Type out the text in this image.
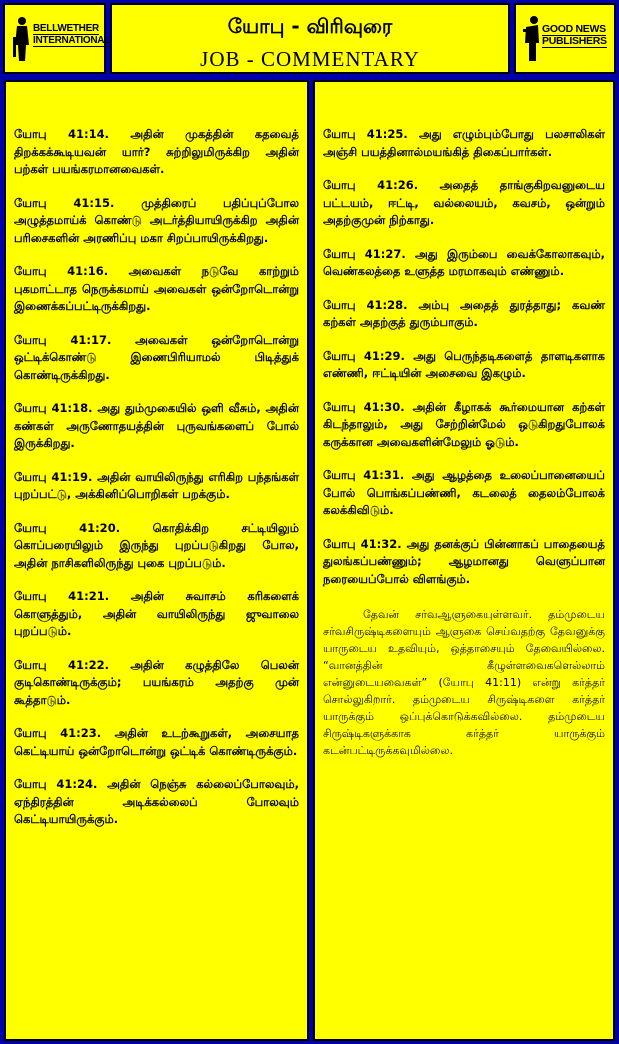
BELLWETHER
INTERNATIONAL
யோபு - விரிவுரை
JOB - COMMENTARY
GOOD NEWS
PUBLISHERS

யோபு 41:14. அதின் முகத்தின் கதவைத் திறக்கக்கூடியவன் யார்? சுற்றிலுமிருக்கிற அதின் பற்கள் பயங்கரமானவைகள்.

யோபு 41:15. முத்திரைப் பதிப்புப்போல அழுத்தமாய்க் கொண்டு அடர்த்தியாயிருக்கிற அதின் பரிசைகளின் அரணிப்பு மகா சிறப்பாயிருக்கிறது.

யோபு 41:16. அவைகள் நடுவே காற்றும் புகமாட்டாத நெருக்கமாய் அவைகள் ஒன்றோடொன்று இணைக்கப்பட்டிருக்கிறது.

யோபு 41:17. அவைகள் ஒன்றோடொன்று ஒட்டிக்கொண்டு இணைபிரியாமல் பிடித்துக் கொண்டிருக்கிறது.

யோபு 41:18. அது தும்முகையில் ஒளி வீசும், அதின் கண்கள் அருணோதயத்தின் புருவங்களைப் போல் இருக்கிறது.

யோபு 41:19. அதின் வாயிலிருந்து எரிகிற பந்தங்கள் புறப்பட்டு, அக்கினிப்பொறிகள் பறக்கும்.

யோபு 41:20.	கொதிக்கிற சட்டியிலும் கொப்பரையிலும் இருந்து புறப்படுகிறது போல, அதின் நாசிகளிலிருந்து புகை புறப்படும்.

யோபு 41:21. அதின் சுவாசம் கரிகளைக் கொளுத்தும், அதின் வாயிலிருந்து ஜுவாலை புறப்படும்.

யோபு 41:22. அதின் கழுத்திலே பெலன் குடிகொண்டிருக்கும்; பயங்கரம் அதற்கு முன் கூத்தாடும்.

யோபு 41:23. அதின் உடற்கூறுகள், அசையாத கெட்டியாய் ஒன்றோடொன்று ஒட்டிக் கொண்டிருக்கும்.

யோபு 41:24. அதின் நெஞ்சு கல்லைப்போலவும், ஏந்திரத்தின் அடிக்கல்லைப் போலவும் கெட்டியாயிருக்கும்.

யோபு 41:25. அது எழும்பும்போது பலசாலிகள் அஞ்சி பயத்தினால்மயங்கித் திகைப்பார்கள்.

யோபு 41:26. அதைத் தாங்குகிறவனுடைய பட்டயம், ஈட்டி, வல்லையம், கவசம், ஒன்றும் அதற்குமுன் நிற்காது.

யோபு 41:27. அது இரும்பை வைக்கோலாகவும், வெண்கலத்தை உளுத்த மரமாகவும் எண்ணும்.

யோபு 41:28. அம்பு அதைத் துரத்தாது; கவண் கற்கள் அதற்குத் துரும்பாகும்.

யோபு 41:29. அது பெருந்தடிகளைத் தாளடிகளாக எண்ணி, ஈட்டியின் அசைவை இகழும்.

யோபு 41:30. அதின் கீழாகக் கூர்மையான கற்கள் கிடந்தாலும், அது சேற்றின்மேல் ஒடுகிறதுபோலக் கருக்கான அவைகளின்மேலும் ஓடும்.

யோபு 41:31. அது ஆழத்தை உலைப்பானையைப் போல் பொங்கப்பண்ணி, கடலைத் தைலம்போலக் கலக்கிவிடும்.

யோபு 41:32. அது தனக்குப் பின்னாகப் பாதையைத் துலங்கப்பண்ணும்; ஆழமானது வெளுப்பான நரையைப்போல் விளங்கும்.

தேவன் சர்வஆளுகையுள்ளவர். தம்முடைய சர்வசிருஷ்டிகளையும் ஆளுகை செய்வதற்கு தேவனுக்கு யாருடைய உதவியும், ஒத்தாசையும் தேவையில்லை. “வானத்தின் கீழுள்ளவைகளெல்லாம் என்னுடையவைகள்” (யோபு 41:11) என்று கர்த்தர் சொல்லுகிறார். தம்முடைய சிருஷ்டிகளை கர்த்தர் யாருக்கும் ஒப்புக்கொடுக்கவில்லை. தம்முடைய சிருஷ்டிகளுக்காக கர்த்தர் யாருக்கும் கடன்பட்டிருக்கவுமில்லை.
